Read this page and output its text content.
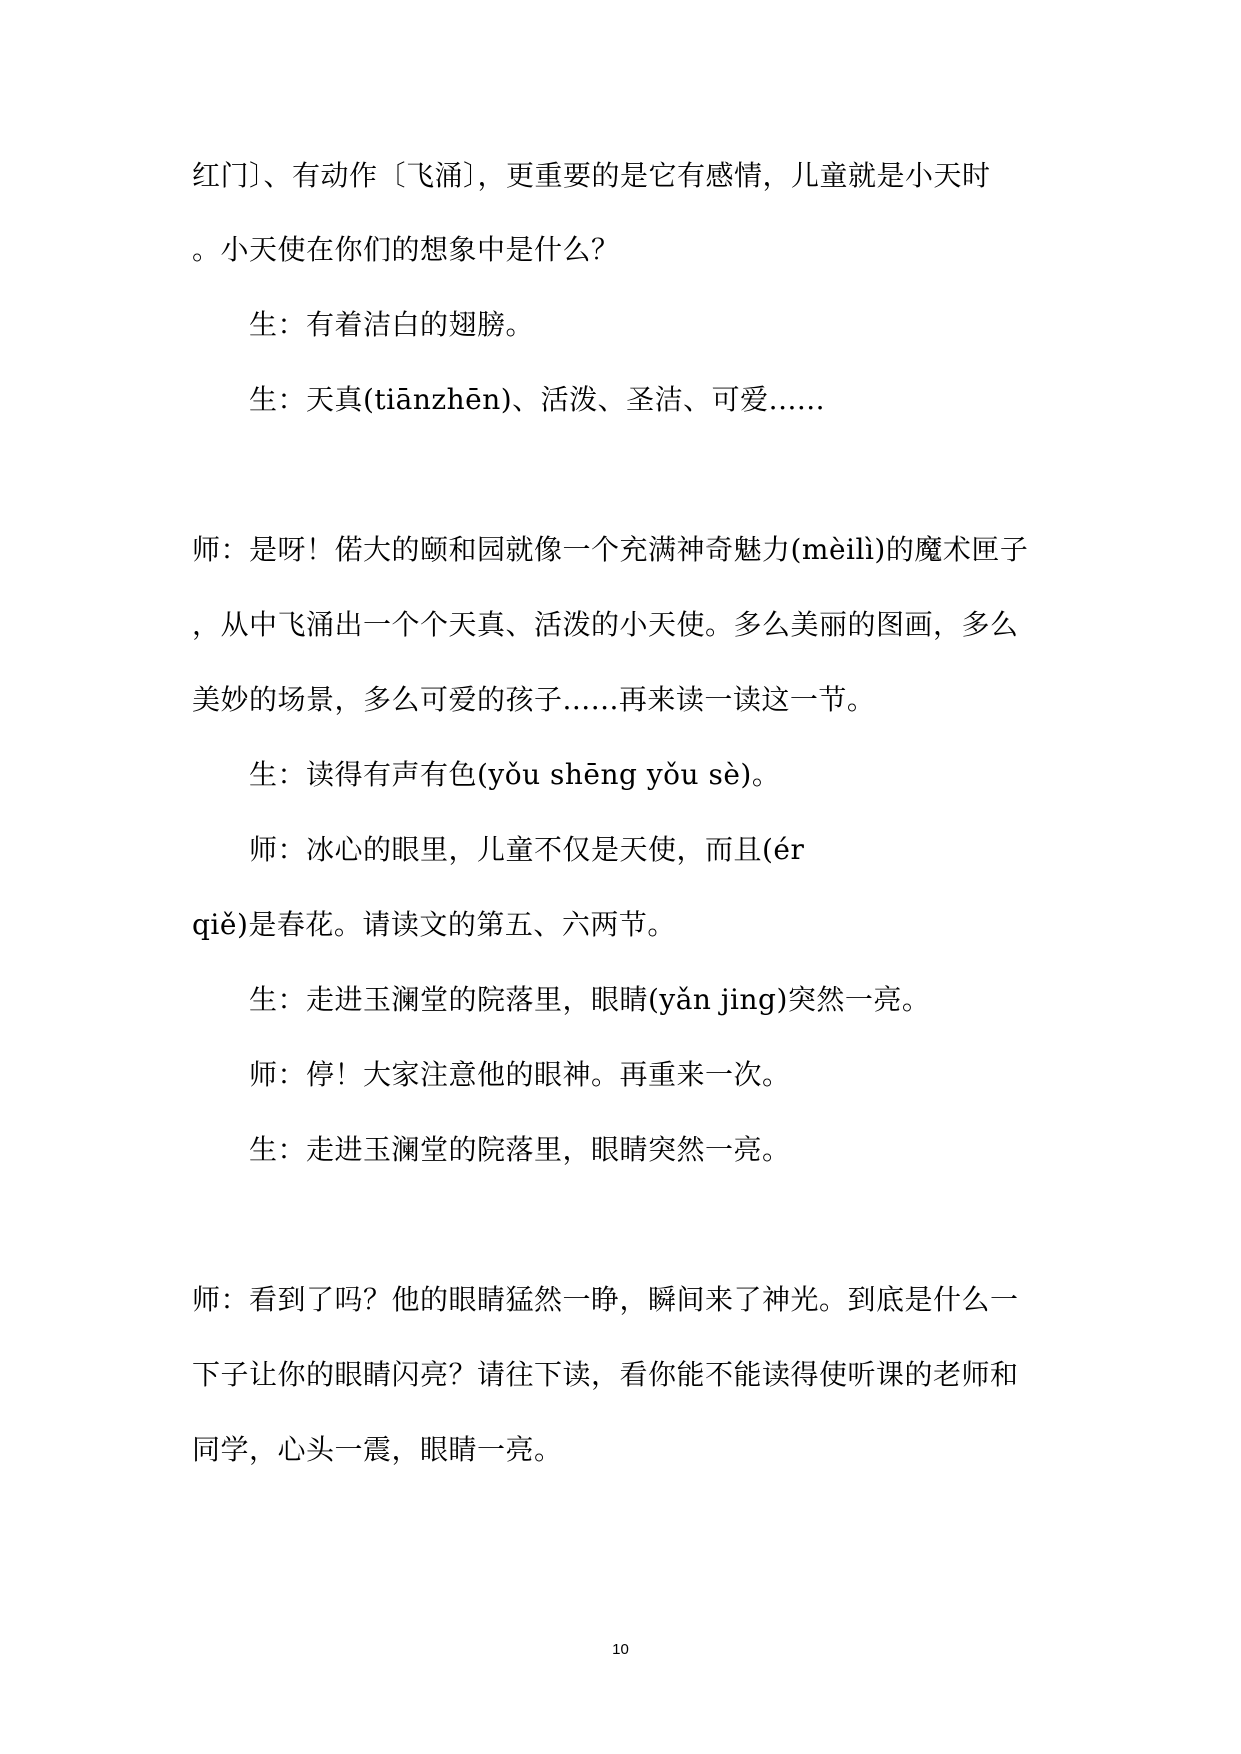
红门〕、有动作〔飞涌〕，更重要的是它有感情，儿童就是小天时
。小天使在你们的想象中是什么？
生：有着洁白的翅膀。
生：天真(tiānzhēn)、活泼、圣洁、可爱......
师：是呀！偌大的颐和园就像一个充满神奇魅力(mèilì)的魔术匣子
，从中飞涌出一个个天真、活泼的小天使。多么美丽的图画，多么
美妙的场景，多么可爱的孩子......再来读一读这一节。
生：读得有声有色(yǒu shēng yǒu sè)。
师：冰心的眼里，儿童不仅是天使，而且(ér
qiě)是春花。请读文的第五、六两节。
生：走进玉澜堂的院落里，眼睛(yǎn jing)突然一亮。
师：停！大家注意他的眼神。再重来一次。
生：走进玉澜堂的院落里，眼睛突然一亮。
师：看到了吗？他的眼睛猛然一睁，瞬间来了神光。到底是什么一
下子让你的眼睛闪亮？请往下读，看你能不能读得使听课的老师和
同学，心头一震，眼睛一亮。
10
